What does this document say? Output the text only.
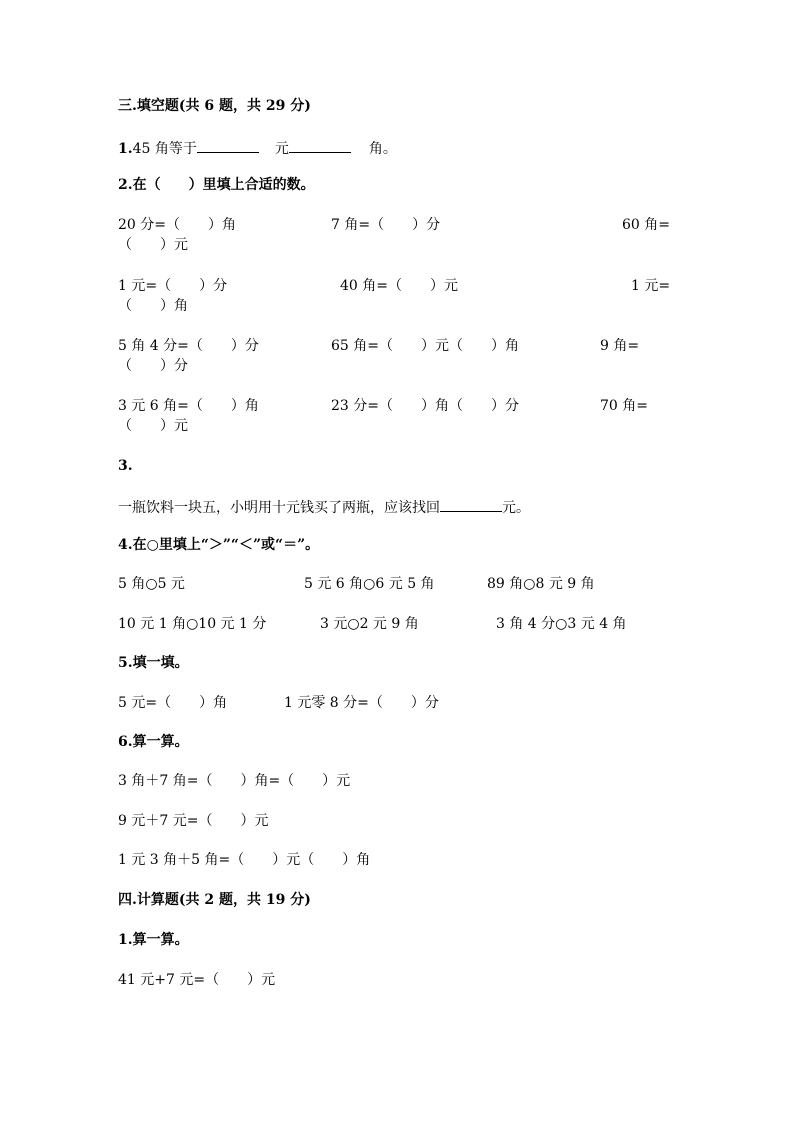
三.填空题(共 6 题，共 29 分)
1.45 角等于	元	角。
2.在（　　）里填上合适的数。
20 分=（　　）角	7 角=（　　）分	60 角=
（　　）元
1 元=（　　）分	40 角=（　　）元	1 元=
（　　）角
5 角 4 分=（　　）分	65 角=（　　）元（　　）角	9 角=
（　　）分
3 元 6 角=（　　）角	23 分=（　　）角（　　）分	70 角=
（　　）元
3.
一瓶饮料一块五，小明用十元钱买了两瓶，应该找回	元。
4.在○里填上“＞”“＜”或“＝”。
5 角○5 元	5 元 6 角○6 元 5 角	89 角○8 元 9 角
10 元 1 角○10 元 1 分	3 元○2 元 9 角	3 角 4 分○3 元 4 角
5.填一填。
5 元=（　　）角	1 元零 8 分=（　　）分
6.算一算。
3 角＋7 角=（　　）角=（　　）元
9 元＋7 元=（　　）元
1 元 3 角＋5 角=（　　）元（　　）角
四.计算题(共 2 题，共 19 分)
1.算一算。
41 元+7 元=（　　）元
